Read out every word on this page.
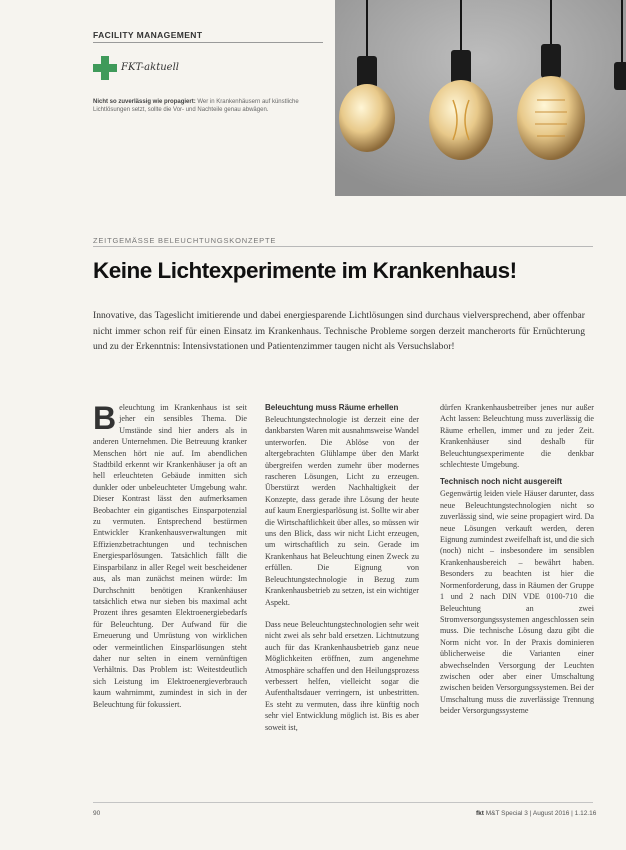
FACILITY MANAGEMENT
FKT-aktuell
Nicht so zuverlässig wie propagiert: Wer in Krankenhäusern auf künstliche Lichtlösungen setzt, sollte die Vor- und Nachteile genau abwägen.
ZEITGEMÄSSE BELEUCHTUNGSKONZEPTE
Keine Lichtexperimente im Krankenhaus!
Innovative, das Tageslicht imitierende und dabei energiesparende Lichtlösungen sind durchaus vielversprechend, aber offenbar nicht immer schon reif für einen Einsatz im Krankenhaus. Technische Probleme sorgen derzeit mancherorts für Ernüchterung und zu der Erkenntnis: Intensivstationen und Patientenzimmer taugen nicht als Versuchslabor!

Beleuchtung im Krankenhaus ist seit jeher ein sensibles Thema. Die Umstände sind hier anders als in anderen Unternehmen. Die Betreuung kranker Menschen hört nie auf. Im abendlichen Stadtbild erkennt wir Krankenhäuser ja oft an hell erleuchteten Gebäude inmitten sich dunkler oder unbeleuchteter Umgebung wahr. Dieser Kontrast lässt den aufmerksamen Beobachter ein gigantisches Einsparpotenzial zu vermuten. Entsprechend bestürmen Entwickler Krankenhausverwaltungen mit Effizienzbetrachtungen und technischen Energiesparlösungen. Tatsächlich fällt die Einsparbilanz in aller Regel weit bescheidener aus, als man zunächst meinen würde: Im Durchschnitt benötigen Krankenhäuser tatsächlich etwa nur sieben bis maximal acht Prozent ihres gesamten Elektroenergiebedarfs für Beleuchtung. Der Aufwand für die Erneuerung und Umrüstung von wirklichen oder vermeintlichen Einsparlösungen steht daher nur selten in einem vernünftigen Verhältnis. Das Problem ist: Weitestdeutlich sich Leistung im Elektroenergieverbrauch kaum wahrnimmt, zumindest in sich in der Beleuchtung für fokussiert.

Beleuchtung muss Räume erhellen

Beleuchtungstechnologie ist derzeit eine der dankbarsten Waren mit ausnahmsweise Wandel unterworfen. Die Ablöse von der altergebrachten Glühlampe über den Markt übergreifen werden zumehr über modernes rascheren Lösungen, Licht zu erzeugen. Überstürzt werden Nachhaltigkeit der Konzepte, dass gerade ihre Lösung der heute auf kaum Energiesparlösung ist. Sollte wir aber die Wirtschaftlichkeit über alles, so müssen wir uns den Blick, dass wir nicht Licht erzeugen, um wirtschaftlich zu sein. Gerade im Krankenhaus hat Beleuchtung einen Zweck zu erfüllen. Die Eignung von Beleuchtungstechnologie in Bezug zum Krankenhausbetrieb zu setzen, ist ein wichtiger Aspekt.

Dass neue Beleuchtungstechnologien sehr weit nicht zwei als sehr bald ersetzen. Lichtnutzung auch für das Krankenhausbetrieb ganz neue Möglichkeiten eröffnen, zum angenehme Atmosphäre schaffen und den Heilungsprozess verbessert helfen, vielleicht sogar die Aufenthaltsdauer verringern, ist unbestritten. Es steht zu vermuten, dass ihre künftig noch sehr viel Entwicklung möglich ist. Bis es aber soweit ist,

dürfen Krankenhausbetreiber jenes nur außer Acht lassen: Beleuchtung muss zuverlässig die Räume erhellen, immer und zu jeder Zeit. Krankenhäuser sind deshalb für Beleuchtungsexperimente die denkbar schlechteste Umgebung.

Technisch noch nicht ausgereift

Gegenwärtig leiden viele Häuser darunter, dass neue Beleuchtungstechnologien nicht so zuverlässig sind, wie seine propagiert wird. Da neue Lösungen verkauft werden, deren Eignung zumindest zweifelhaft ist, und die sich (noch) nicht – insbesondere im sensiblen Krankenhausbereich – bewährt haben. Besonders zu beachten ist hier die Normenforderung, dass in Räumen der Gruppe 1 und 2 nach DIN VDE 0100-710 die Beleuchtung an zwei Stromversorgungssystemen angeschlossen sein muss. Die technische Lösung dazu gibt die Norm nicht vor. In der Praxis dominieren üblicherweise die Varianten einer abwechselnden Versorgung der Leuchten zwischen oder aber einer Umschaltung zwischen beiden Versorgungssystemen. Bei der Umschaltung muss die zuverlässige Trennung beider Versorgungssysteme

90	fkt M&T Special 3 | August 2016 | 1.12.16
